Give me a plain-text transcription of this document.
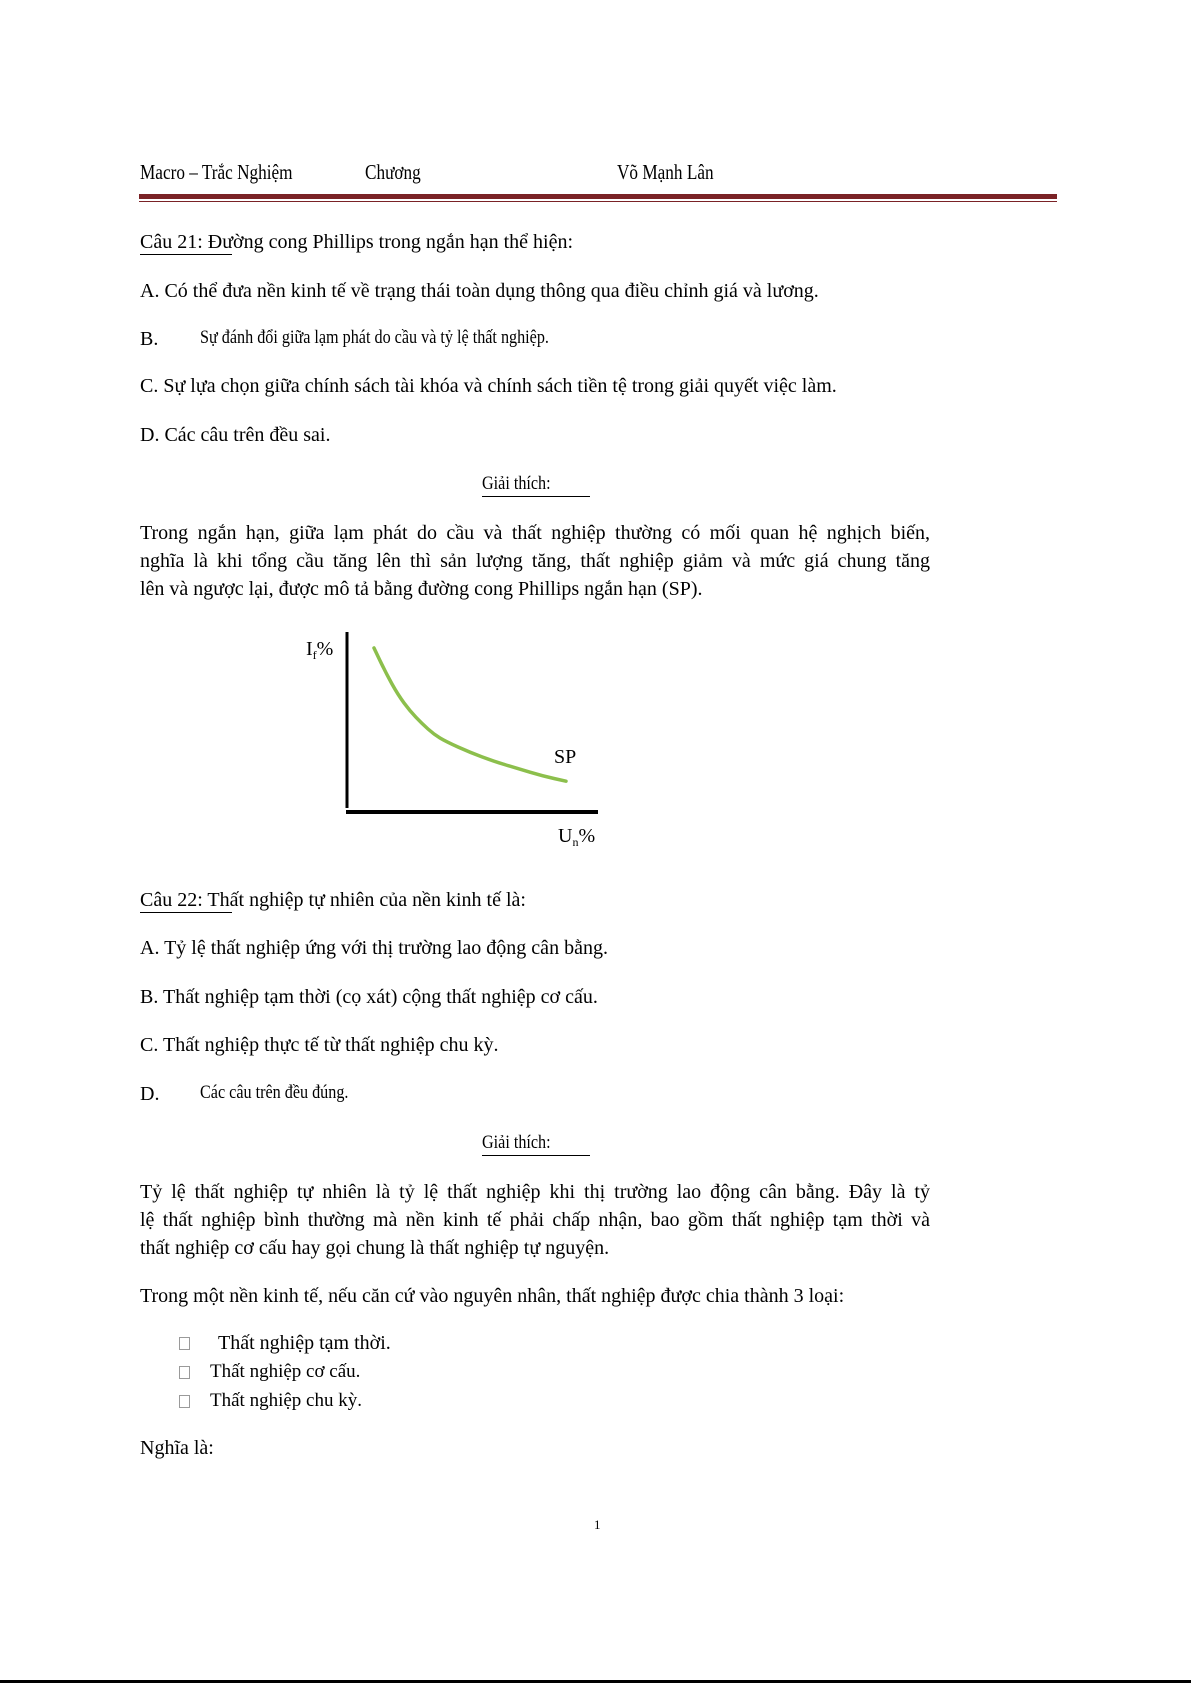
Macro – Trắc Nghiệm	Chương	Võ Mạnh Lân
Câu 21: Đường cong Phillips trong ngắn hạn thể hiện:
A. Có thể đưa nền kinh tế về trạng thái toàn dụng thông qua điều chỉnh giá và lương.
B. Sự đánh đổi giữa lạm phát do cầu và tỷ lệ thất nghiệp.
C. Sự lựa chọn giữa chính sách tài khóa và chính sách tiền tệ trong giải quyết việc làm.
D. Các câu trên đều sai.
Giải thích:
Trong ngắn hạn, giữa lạm phát do cầu và thất nghiệp thường có mối quan hệ nghịch biến,
nghĩa là khi tổng cầu tăng lên thì sản lượng tăng, thất nghiệp giảm và mức giá chung tăng
lên và ngược lại, được mô tả bằng đường cong Phillips ngắn hạn (SP).
$I_f\%$
$U_n\%$
SP
Câu 22: Thất nghiệp tự nhiên của nền kinh tế là:
A. Tỷ lệ thất nghiệp ứng với thị trường lao động cân bằng.
B. Thất nghiệp tạm thời (cọ xát) cộng thất nghiệp cơ cấu.
C. Thất nghiệp thực tế từ thất nghiệp chu kỳ.
D. Các câu trên đều đúng.
Giải thích:
Tỷ lệ thất nghiệp tự nhiên là tỷ lệ thất nghiệp khi thị trường lao động cân bằng. Đây là tỷ
lệ thất nghiệp bình thường mà nền kinh tế phải chấp nhận, bao gồm thất nghiệp tạm thời và
thất nghiệp cơ cấu hay gọi chung là thất nghiệp tự nguyện.
Trong một nền kinh tế, nếu căn cứ vào nguyên nhân, thất nghiệp được chia thành 3 loại:
Thất nghiệp tạm thời.
Thất nghiệp cơ cấu.
Thất nghiệp chu kỳ.
Nghĩa là:
1
